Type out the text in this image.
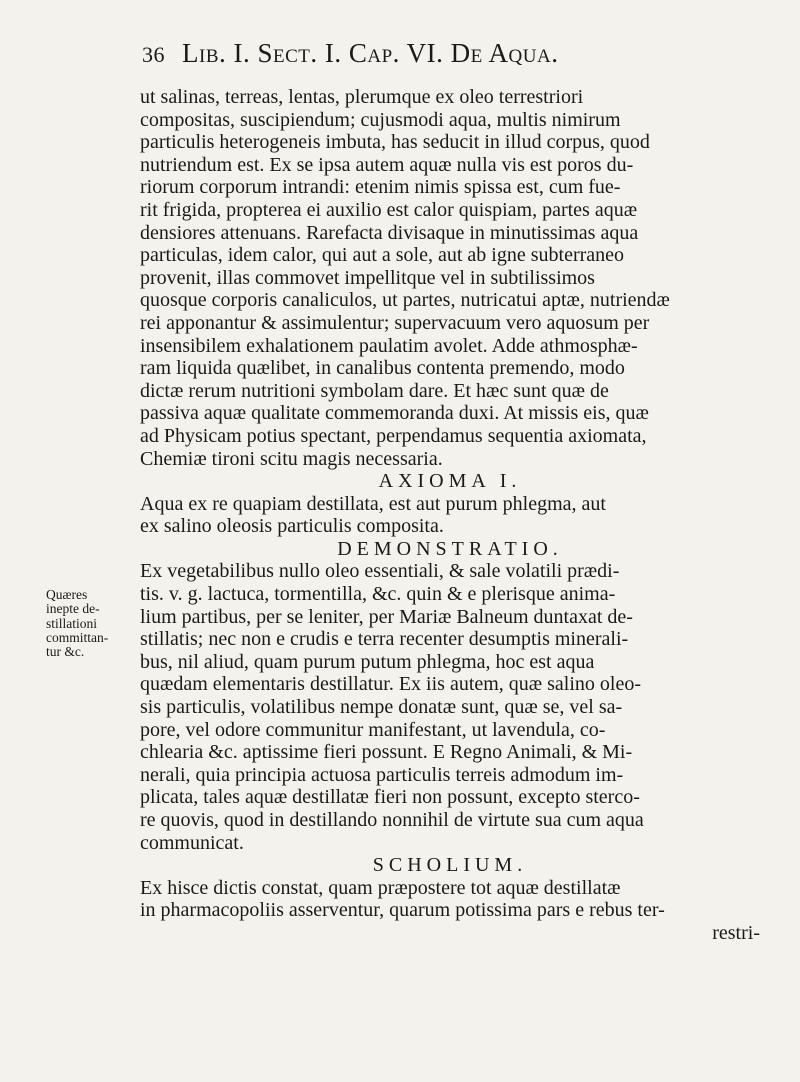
36 Lib. I. Sect. I. Cap. VI. De Aqua.
Quæres
inepte de-
stillationi
committan-
tur &c.
ut salinas, terreas, lentas, plerumque ex oleo terrestriori
compositas, suscipiendum; cujusmodi aqua, multis nimirum
particulis heterogeneis imbuta, has seducit in illud corpus, quod
nutriendum est. Ex se ipsa autem aquæ nulla vis est poros du-
riorum corporum intrandi: etenim nimis spissa est, cum fue-
rit frigida, propterea ei auxilio est calor quispiam, partes aquæ
densiores attenuans. Rarefacta divisaque in minutissimas aqua
particulas, idem calor, qui aut a sole, aut ab igne subterraneo
provenit, illas commovet impellitque vel in subtilissimos
quosque corporis canaliculos, ut partes, nutricatui aptæ, nutriendæ
rei apponantur & assimulentur; supervacuum vero aquosum per
insensibilem exhalationem paulatim avolet. Adde athmosphæ-
ram liquida quælibet, in canalibus contenta premendo, modo
dictæ rerum nutritioni symbolam dare. Et hæc sunt quæ de
passiva aquæ qualitate commemoranda duxi. At missis eis, quæ
ad Physicam potius spectant, perpendamus sequentia axiomata,
Chemiæ tironi scitu magis necessaria.
AXIOMA I.
Aqua ex re quapiam destillata, est aut purum phlegma, aut
ex salino oleosis particulis composita.
DEMONSTRATIO.
Ex vegetabilibus nullo oleo essentiali, & sale volatili prædi-
tis. v. g. lactuca, tormentilla, &c. quin & e plerisque anima-
lium partibus, per se leniter, per Mariæ Balneum duntaxat de-
stillatis; nec non e crudis e terra recenter desumptis minerali-
bus, nil aliud, quam purum putum phlegma, hoc est aqua
quædam elementaris destillatur. Ex iis autem, quæ salino oleo-
sis particulis, volatilibus nempe donatæ sunt, quæ se, vel sa-
pore, vel odore communitur manifestant, ut lavendula, co-
chlearia &c. aptissime fieri possunt. E Regno Animali, & Mi-
nerali, quia principia actuosa particulis terreis admodum im-
plicata, tales aquæ destillatæ fieri non possunt, excepto sterco-
re quovis, quod in destillando nonnihil de virtute sua cum aqua
communicat.
SCHOLIUM.
Ex hisce dictis constat, quam præpostere tot aquæ destillatæ
in pharmacopoliis asserventur, quarum potissima pars e rebus ter-
restri-
